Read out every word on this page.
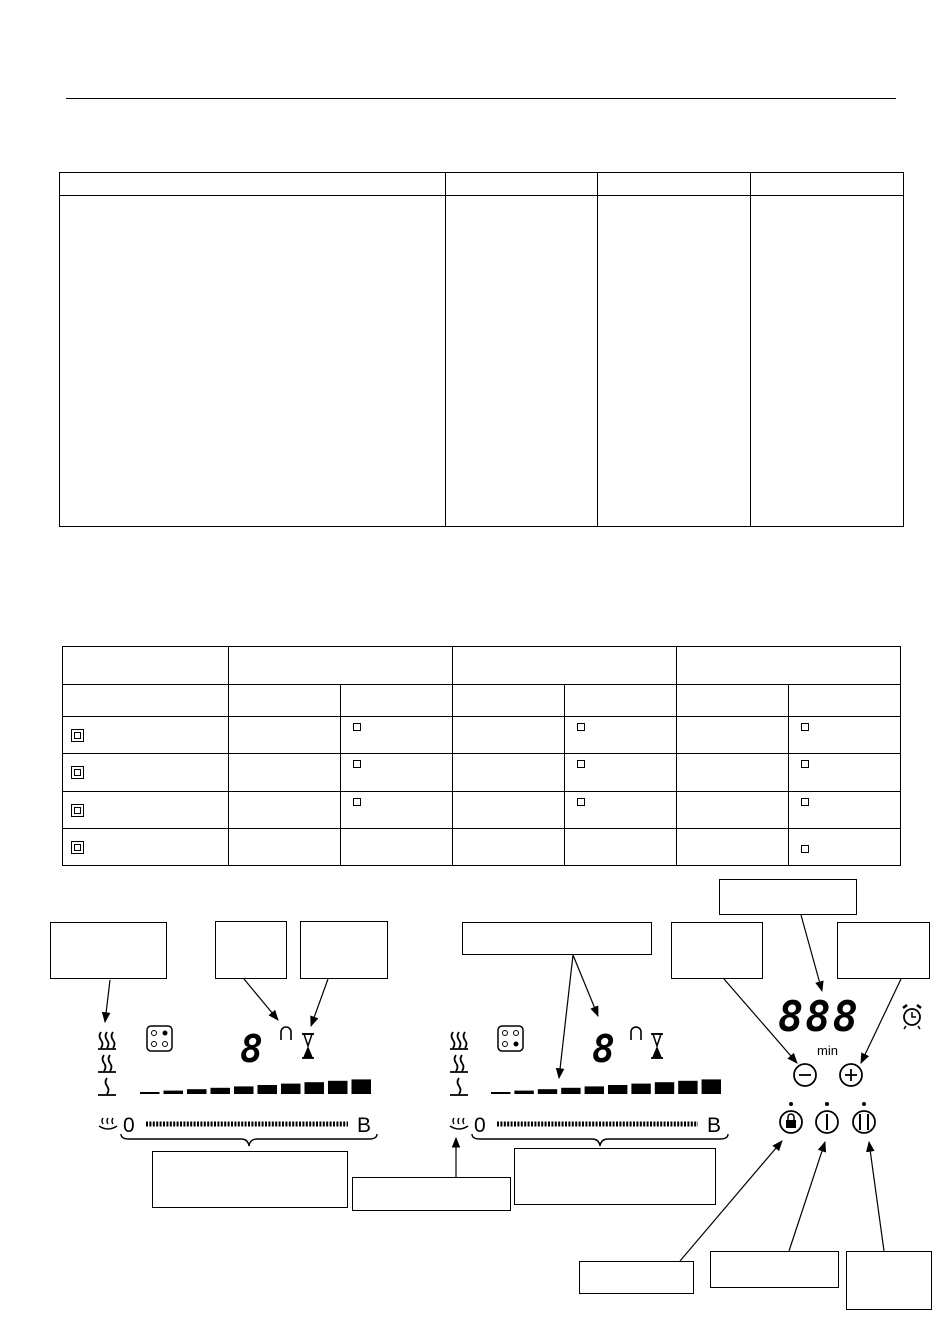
8
0	B
8
0	B
888
min
